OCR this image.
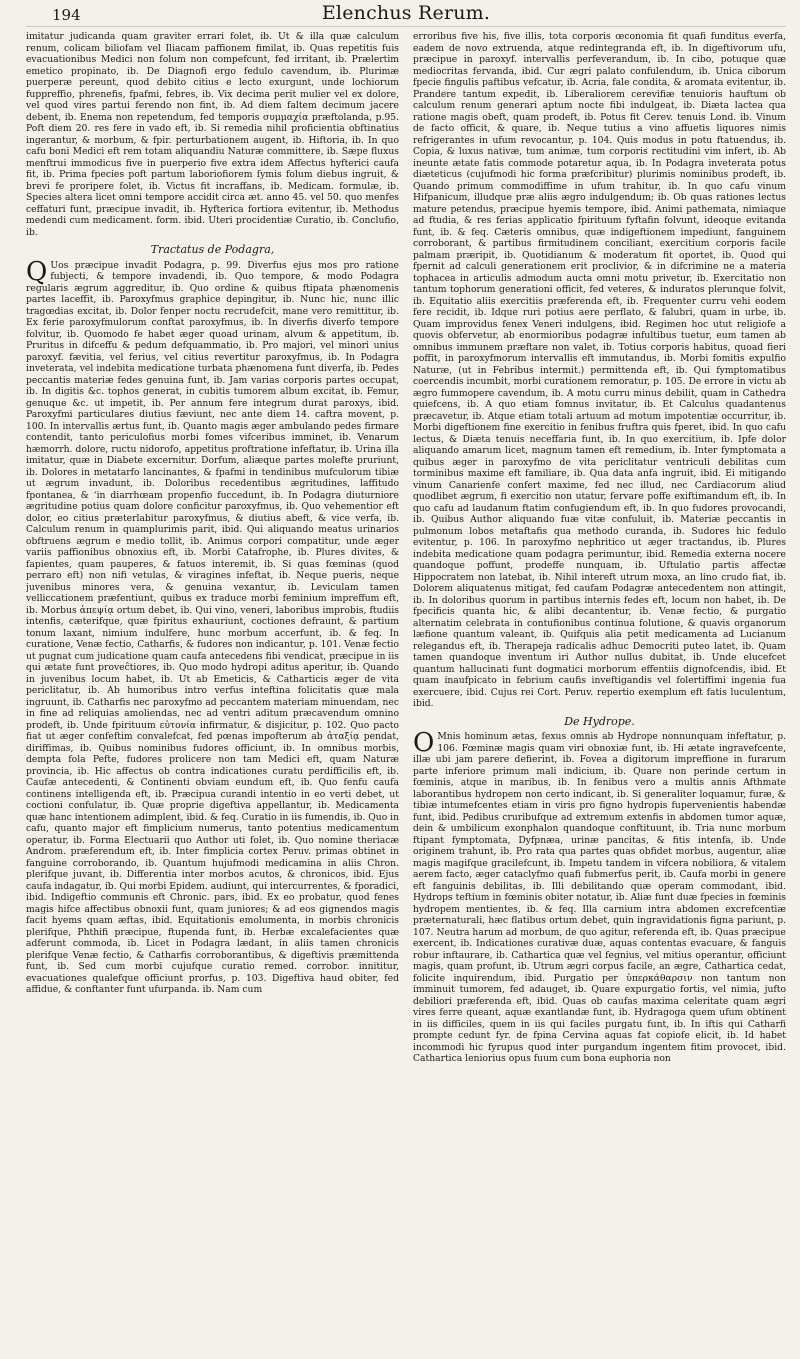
194	Elenchus Rerum.

imitatur judicanda quam graviter errari folet, ib. Ut & illa quæ calculum renum, colicam biliofam vel Iliacam paffionem fimilat, ib. Quas repetitis fuis evacuationibus Medici non folum non compefcunt, fed irritant, ib. Prælertim emetico propinato, ib. De Diagnofi ergo fedulo cavendum, ib. Plurimæ puerperæ pereunt, quod debito citius e lecto exurgunt, unde lochiorum fuppreffio, phrenefis, fpafmi, febres, ib. Vix decima perit mulier vel ex dolore, vel quod vires partui ferendo non fint, ib. Ad diem faltem decimum jacere debent, ib. Enema non repetendum, fed temporis συμμαχία præftolanda, p.95. Poft diem 20. res fere in vado eft, ib. Si remedia nihil proficientia obftinatius ingerantur, & morbum, & fpir. perturbationem augent, ib. Hiftoria, ib. In quo cafu boni Medici eft rem totam aliquandiu Naturæ committere, ib. Sæpe fluxus menftrui immodicus five in puerperio five extra idem Affectus hyfterici caufa fit, ib. Prima fpecies poft partum laboriofiorem ſymis folum diebus ingruit, & brevi fe proripere folet, ib. Victus fit incraffans, ib. Medicam. formulæ, ib. Species altera licet omni tempore accidit circa æt. anno 45. vel 50. quo menfes ceffaturi funt, præcipue invadit, ib. Hyfterica fortiora evitentur, ib. Methodus medendi cum medicament. form. ibid. Uteri procidentiæ Curatio, ib. Conclufio, ib.

Tractatus de Podagra,

Q Uos præcipue invadit Podagra, p. 99. Diverfus ejus mos pro ratione fubjecti, & tempore invadendi, ib. Quo tempore, & modo Podagra regularis ægrum aggreditur, ib. Quo ordine & quibus ftipata phænomenis partes laceffit, ib. Paroxyfmus graphice depingitur, ib. Nunc hic, nunc illic tragœdias excitat, ib. Dolor fenper noctu recrudefcit, mane vero remittitur, ib. Ex ferie paroxyfmulorum conftat paroxyfmus, ib. In diverfis diverfo tempore folvitur, ib. Quomodo fe habet æger quoad urinam, alvum & appetitum, ib. Pruritus in difceffu & pedum defquammatio, ib. Pro majori, vel minori unius paroxyf. fævitia, vel ferius, vel citius revertitur paroxyfmus, ib. In Podagra inveterata, vel indebita medicatione turbata phænomena funt diverfa, ib. Pedes peccantis materiæ fedes genuina funt, ib. Jam varias corporis partes occupat, ib. In digitis &c. tophos generat, in cubitis tumorem album excitat, ib. Femur, genuque &c. ut impetit, ib. Per annum fere integrum durat paroxys, ibid. Paroxyfmi particulares diutius fæviunt, nec ante diem 14. caftra movent, p. 100. In intervallis ærtus funt, ib. Quanto magis æger ambulando pedes firmare contendit, tanto periculofius morbi fomes vifceribus imminet, ib. Venarum hæmorrh. dolore, ructu nidorofo, appetitus proftratione infeftatur, ib. Urina illa imitatur, quæ in Diabete excernitur. Dorfum, aliæque partes molefte pruriunt, ib. Dolores in metatarfo lancinantes, & fpafmi in tendinibus mufculorum tibiæ ut ægrum invadunt, ib. Doloribus recedentibus ægritudines, laffitudo fpontanea, & ‘in diarrhœam propenfio fuccedunt, ib. In Podagra diuturniore ægritudine potius quam dolore conficitur paroxyfmus, ib. Quo vehementior eft dolor, eo citius præterlabitur paroxyfmus, & diutius abeft, & vice verfa, ib. Calculum renum in quamplurimis parit, ibid. Qui aliquando meatus urinarios obftruens ægrum e medio tollit, ib. Animus corpori compatitur, unde æger variis paffionibus obnoxius eft, ib. Morbi Catafrophe, ib. Plures divites, & fapientes, quam pauperes, & fatuos interemit, ib. Si quas fœminas (quod perraro eft) non nifi vetulas, & viragines infeftat, ib. Neque pueris, neque juvenibus minores vera, & genuina vexantur, ib. Leviculam tamen velliccationem præfentiunt, quibus ex traduce morbi feminium impreffum eft, ib. Morbus ἀπεψίᾳ ortum debet, ib. Qui vino, veneri, laboribus improbis, ftudiis intenfis, cæterifque, quæ fpiritus exhauriunt, coctiones defraunt, & partium tonum laxant, nimium indulfere, hunc morbum accerfunt, ib. & feq. In curatione, Venæ fectio, Catharfis, & fudores non indicantur, p. 101. Venæ fectio ut pugnat cum judicatione quam caufa antecedens fibi vendicat, præcipue in iis qui ætate funt proveĉtiores, ib. Quo modo hydropi aditus aperitur, ib. Quando in juvenibus locum habet, ib. Ut ab Emeticis, & Catharticis æger de vita periclitatur, ib. Ab humoribus intro verfus inteftina folicitatis quæ mala ingruunt, ib. Catharfis nec paroxyfmo ad peccantem materiam minuendam, nec in fine ad reliquias amoliendas, nec ad ventri aditum præcavendum omnino prodeft, ib. Unde fpirituum εὐτονία infirmatur, & disjicitur, p. 102. Quo pacto fiat ut æger confeftim convalefcat, fed pœnas impofterum ab ἀταξίᾳ pendat, diriffimas, ib. Quibus nominibus fudores officiunt, ib. In omnibus morbis, dempta fola Pefte, fudores prolicere non tam Medici eft, quam Naturæ provincia, ib. Hic affectus ob contra indicationes curatu perdifficilis eft, ib. Caufæ antecedenti, & Continenti obviam eundum eft, ib. Quo fenfu caufa continens intelligenda eft, ib. Præcipua curandi intentio in eo verti debet, ut coctioni confulatur, ib. Quæ proprie digeftiva appellantur, ib. Medicamenta quæ hanc intentionem adimplent, ibid. & feq. Curatio in iis fumendis, ib. Quo in cafu, quanto major eft fimplicium numerus, tanto potentius medicamentum operatur, ib. Forma Electuarii quo Author uti folet, ib. Quo nomine theriacæ Androm. præferendum eft, ib. Inter fimplicia cortex Peruv. primas obtinet in fanguine corroborando, ib. Quantum hujufmodi medicamina in aliis Chron. plerifque juvant, ib. Differentia inter morbos acutos, & chronicos, ibid. Ejus caufa indagatur, ib. Qui morbi Epidem. audiunt, qui intercurrentes, & fporadici, ibid. Indigeftio communis eft Chronic. pars, ibid. Ex eo probatur, quod fenes magis hifce affectibus obnoxii funt, quam juniores; & ad eos gignendos magis facit hyems quam æftas, ibid. Equitationis emolumenta, in morbis chronicis plerifque, Phthifi præcipue, ftupenda funt, ib. Herbæ excalefacientes quæ adferunt commoda, ib. Licet in Podagra lædant, in aliis tamen chronicis plerifque Venæ fectio, & Catharfis corroborantibus, & digeftivis præmittenda funt, ib. Sed cum morbi cujufque curatio remed. corrobor. innititur, evacuationes qualefque officiunt prorfus, p. 103. Digeftiva haud obiter, fed affidue, & conftanter funt ufurpanda. ib. Nam cum

erroribus five his, five illis, tota corporis œconomia fit quafi funditus everfa, eadem de novo extruenda, atque redintegranda eft, ib. In digeftivorum ufu, præcipue in paroxyf. intervallis perfeverandum, ib. In cibo, potuque quæ mediocritas fervanda, ibid. Cur ægri palato confulendum, ib. Unica ciborum fpecie fingulis paftibus vefcatur, ib. Acria, fale condita, & aromata evitentur, ib. Prandere tantum expedit, ib. Liberaliorem cerevifiæ tenuioris hauftum ob calculum renum generari aptum nocte fibi indulgeat, ib. Diæta lactea qua ratione magis obeft, quam prodeft, ib. Potus fit Cerev. tenuis Lond. ib. Vinum de facto officit, & quare, ib. Neque tutius a vino affuetis liquores nimis refrigerantes in ufum revocantur, p. 104. Quis modus in potu ftatuendus, ib. Copia, & luxus nativæ, tum animæ, tum corporis rectitudini vim infert, ib. Ab ineunte ætate fatis commode potaretur aqua, ib. In Podagra inveterata potus diæteticus (cujufmodi hic forma præfcribitur) plurimis nominibus prodeft, ib. Quando primum commodiffime in ufum trahitur, ib. In quo cafu vinum Hifpanicum, illudque præ aliis ægro indulgendum; ib. Ob quas rationes lectus mature petendus, præcipue hyemis tempore, ibid. Animi pathemata, nimiaque ad ftudia, & res ferias applicatio fpirituum fyftafin folvunt, ideoque evitanda funt, ib. & feq. Cæteris omnibus, quæ indigeftionem impediunt, fanguinem corroborant, & partibus firmitudinem conciliant, exercitium corporis facile palmam præripit, ib. Quotidianum & moderatum fit oportet, ib. Quod qui fpernit ad calculi generationem erit proclivior, & in difcrimine ne a materia tophacea in articulis admodum aucta omni motu privetur, ib. Exercitatio non tantum tophorum generationi officit, fed veteres, & induratos plerunque folvit, ib. Equitatio aliis exercitiis præferenda eft, ib. Frequenter curru vehi eodem fere recidit, ib. Idque ruri potius aere perflato, & falubri, quam in urbe, ib. Quam improvidus fenex Veneri indulgens, ibid. Regimen hoc utut religiofe a quovis obfervetur, ab enormioribus podagræ infultibus tuetur, eum tamen ab omnibus immunem præftare non valet, ib. Totius corporis habitus, quoad fieri poffit, in paroxyfmorum intervallis eft immutandus, ib. Morbi fomitis expulfio Naturæ, (ut in Febribus intermit.) permittenda eft, ib. Qui fymptomatibus coercendis incumbit, morbi curationem remoratur, p. 105. De errore in victu ab ægro fummopere cavendum, ib. A motu curru minus debilit, quam in Cathedra quiefcens, ib. A quo etiam fomnus invitatur, ib. Et Calculus quadantenus præcavetur, ib. Atque etiam totali artuum ad motum impotentiæ occurritur, ib. Morbi digeftionem fine exercitio in fenibus fruftra quis fperet, ibid. In quo cafu lectus, & Diæta tenuis neceffaria funt, ib. In quo exercitium, ib. Ipfe dolor aliquando amarum licet, magnum tamen eft remedium, ib. Inter fymptomata a quibus æger in paroxyfmo de vita periclitatur ventriculi debilitas cum torminibus maxime eft familiare, ib. Qua data anfa ingruit, ibid. Ei mitigando vinum Canarienfe confert maxime, fed nec illud, nec Cardiacorum aliud quodlibet ægrum, fi exercitio non utatur, fervare poffe exiftimandum eft, ib. In quo cafu ad laudanum ftatim confugiendum eft, ib. In quo fudores provocandi, ib. Quibus Author aliquando fuæ vitæ confuluit, ib. Materiæ peccantis in pulmonum lobos metaftafis qua methodo curanda, ib. Sudores hic fedulo evitentur, p. 106. In paroxyfmo nephritico ut æger tractandus, ib. Plures indebita medicatione quam podagra perimuntur, ibid. Remedia externa nocere quandoque poffunt, prodeffe nunquam, ib. Uftulatio partis affectæ Hippocratem non latebat, ib. Nihil intereft utrum moxa, an lino crudo fiat, ib. Dolorem aliquatenus mitigat, fed caufam Podagræ antecedentem non attingit, ib. In doloribus quorum in partibus internis fedes eft, locum non habet, ib. De fpecificis quanta hic, & alibi decantentur, ib. Venæ fectio, & purgatio alternatim celebrata in contufionibus continua folutione, & quavis organorum læfione quantum valeant, ib. Quifquis alia petit medicamenta ad Lucianum relegandus eft, ib. Therapeja radicalis adhuc Democriti puteo latet, ib. Quam tamen quandoque inventum iri Author nullus dubitat, ib. Unde elucefcet quantum hallucinati funt dogmatici morborum effentiis dignofcendis, ibid. Et quam inaufpicato in febrium caufis inveftigandis vel folertiffimi ingenia fua exercuere, ibid. Cujus rei Cort. Peruv. repertio exemplum eft fatis luculentum, ibid.

De Hydrope.

O Mnis hominum ætas, fexus omnis ab Hydrope nonnunquam infeftatur, p. 106. Fœminæ magis quam viri obnoxiæ funt, ib. Hi ætate ingravefcente, illæ ubi jam parere defierint, ib. Fovea a digitorum impreffione in furarum parte inferiore primum mali indicium, ib. Quare non perinde certum in fœminis, atque in maribus, ib. In fenibus vero a multis annis Afthmate laborantibus hydropem non certo indicant, ib. Si generaliter loquamur, furæ, & tibiæ intumefcentes etiam in viris pro figno hydropis fupervenientis habendæ funt, ibid. Pedibus cruribufque ad extremum extenfis in abdomen tumor aquæ, dein & umbilicum exonphalon quandoque conftituunt, ib. Tria nunc morbum ftipant fymptomata, Dyfpnæa, urinæ pancitas, & fitis intenfa, ib. Unde originem trahunt, ib. Pro rata qua partes quas obfidet morbus, augentur, aliæ magis magifque gracilefcunt, ib. Impetu tandem in vifcera nobiliora, & vitalem aerem facto, æger cataclyfmo quafi fubmerfus perit, ib. Caufa morbi in genere eft fanguinis debilitas, ib. Illi debilitando quæ operam commodant, ibid. Hydrops teftium in fœminis obiter notatur, ib. Aliæ funt duæ fpecies in fœminis hydropem mentientes, ib. & feq. Illa carnium intra abdomen excrefcentiæ præternaturali, hæc flatibus ortum debet, quin ingravidationis figna pariunt, p. 107. Neutra harum ad morbum, de quo agitur, referenda eft, ib. Quas præcipue exercent, ib. Indicationes curativæ duæ, aquas contentas evacuare, & fanguis robur inftaurare, ib. Cathartica quæ vel fegnius, vel mitius operantur, officiunt magis, quam profunt, ib. Utrum ægri corpus facile, an ægre, Cathartica cedat, folicite inquirendum, ibid. Purgatio per ὑπερκάθαρσιν non tantum non imminuit tumorem, fed adauget, ib. Quare expurgatio fortis, vel nimia, jufto debiliori præferenda eft, ibid. Quas ob caufas maxima celeritate quam ægri vires ferre queant, aquæ exantlandæ funt, ib. Hydragoga quem ufum obtinent in iis difficiles, quem in iis qui faciles purgatu funt, ib. In iftis qui Catharfi prompte cedunt fyr. de fpina Cervina aquas fat copiofe elicit, ib. Id habet incommodi hic fyrupus quod inter purgandum ingentem fitim provocet, ibid. Cathartica leniorius opus fuum cum bona euphoria non
